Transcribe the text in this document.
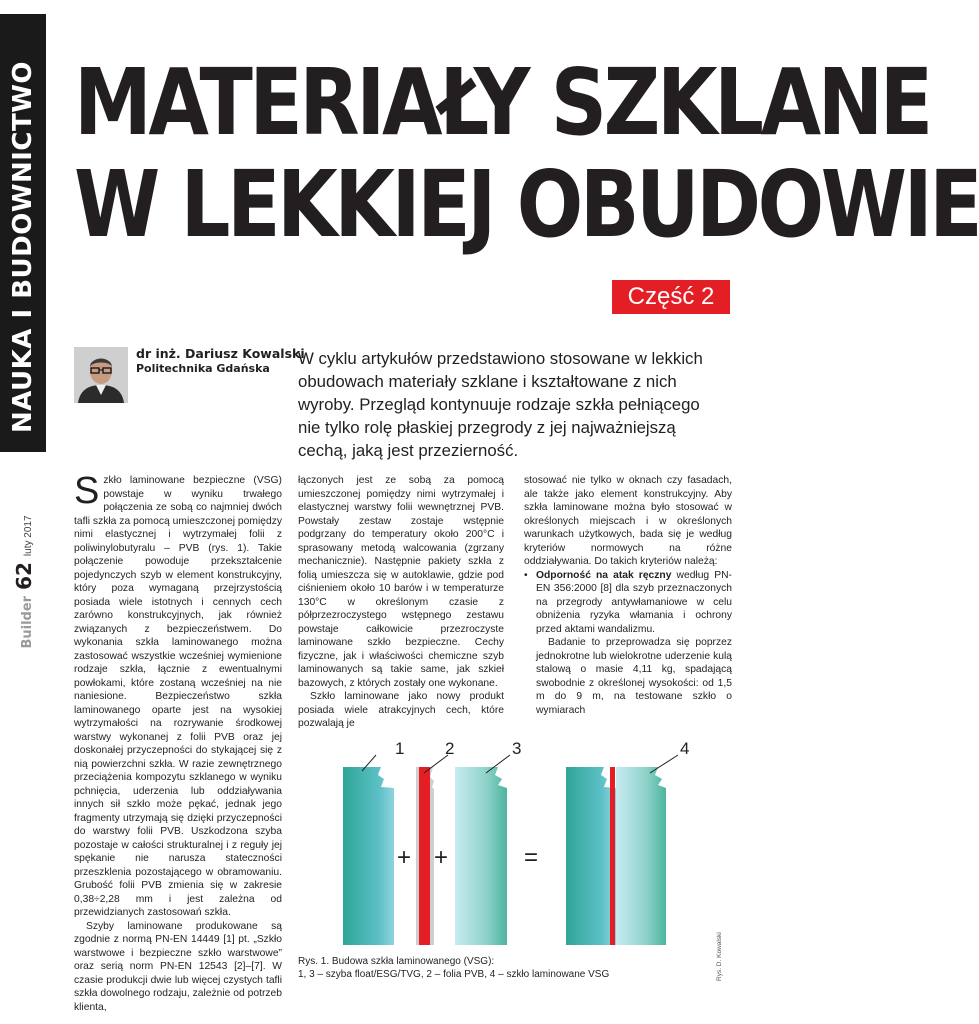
NAUKA I BUDOWNICTWO
Builder62luty 2017
MATERIAŁY SZKLANE
W LEKKIEJ OBUDOWIE
Część 2
dr inż. Dariusz Kowalski
Politechnika Gdańska

W cyklu artykułów przedstawiono stosowane w lekkich obudowach materiały szklane i kształtowane z nich wyroby. Przegląd kontynuuje rodzaje szkła pełniącego nie tylko rolę płaskiej przegrody z jej najważniejszą cechą, jaką jest przezierność.

Szkło laminowane bezpieczne (VSG) powstaje w wyniku trwałego połączenia ze sobą co najmniej dwóch tafli szkła za pomocą umieszczonej pomiędzy nimi elastycznej i wytrzymałej folii z poliwinylobutyralu – PVB (rys. 1). Takie połączenie powoduje przekształcenie pojedynczych szyb w element konstrukcyjny, który poza wymaganą przejrzystością posiada wiele istotnych i cennych cech zarówno konstrukcyjnych, jak również związanych z bezpieczeństwem. Do wykonania szkła laminowanego można zastosować wszystkie wcześniej wymienione rodzaje szkła, łącznie z ewentualnymi powłokami, które zostaną wcześniej na nie naniesione. Bezpieczeństwo szkła laminowanego oparte jest na wysokiej wytrzymałości na rozrywanie środkowej warstwy wykonanej z folii PVB oraz jej doskonałej przyczepności do stykającej się z nią powierzchni szkła. W razie zewnętrznego przeciążenia kompozytu szklanego w wyniku pchnięcia, uderzenia lub oddziaływania innych sił szkło może pękać, jednak jego fragmenty utrzymają się dzięki przyczepności do warstwy folii PVB. Uszkodzona szyba pozostaje w całości strukturalnej i z reguły jej spękanie nie narusza stateczności przeszklenia pozostającego w obramowaniu. Grubość folii PVB zmienia się w zakresie 0,38÷2,28 mm i jest zależna od przewidzianych zastosowań szkła.

Szyby laminowane produkowane są zgodnie z normą PN-EN 14449 [1] pt. „Szkło warstwowe i bezpieczne szkło warstwowe” oraz serią norm PN-EN 12543 [2]–[7]. W czasie produkcji dwie lub więcej czystych tafli szkła dowolnego rodzaju, zależnie od potrzeb klienta,

łączonych jest ze sobą za pomocą umieszczonej pomiędzy nimi wytrzymałej i elastycznej warstwy folii wewnętrznej PVB. Powstały zestaw zostaje wstępnie podgrzany do temperatury około 200°C i sprasowany metodą walcowania (zgrzany mechanicznie). Następnie pakiety szkła z folią umieszcza się w autoklawie, gdzie pod ciśnieniem około 10 barów i w temperaturze 130°C w określonym czasie z półprzezroczystego wstępnego zestawu powstaje całkowicie przezroczyste laminowane szkło bezpieczne. Cechy fizyczne, jak i właściwości chemiczne szyb laminowanych są takie same, jak szkieł bazowych, z których zostały one wykonane.

Szkło laminowane jako nowy produkt posiada wiele atrakcyjnych cech, które pozwalają je

stosować nie tylko w oknach czy fasadach, ale także jako element konstrukcyjny. Aby szkła laminowane można było stosować w określonych miejscach i w określonych warunkach użytkowych, bada się je według kryteriów normowych na różne oddziaływania. Do takich kryteriów należą:

• Odporność na atak ręczny według PN-EN 356:2000 [8] dla szyb przeznaczonych na przegrody antywłamaniowe w celu obniżenia ryzyka włamania i ochrony przed aktami wandalizmu.

Badanie to przeprowadza się poprzez jednokrotne lub wielokrotne uderzenie kulą stalową o masie 4,11 kg, spadającą swobodnie z określonej wysokości: od 1,5 m do 9 m, na testowane szkło o wymiarach

1 2	3	4
+ +	=
Rys. 1. Budowa szkła laminowanego (VSG):
1, 3 – szyba float/ESG/TVG, 2 – folia PVB, 4 – szkło laminowane VSG	Rys. D. Kowalski
